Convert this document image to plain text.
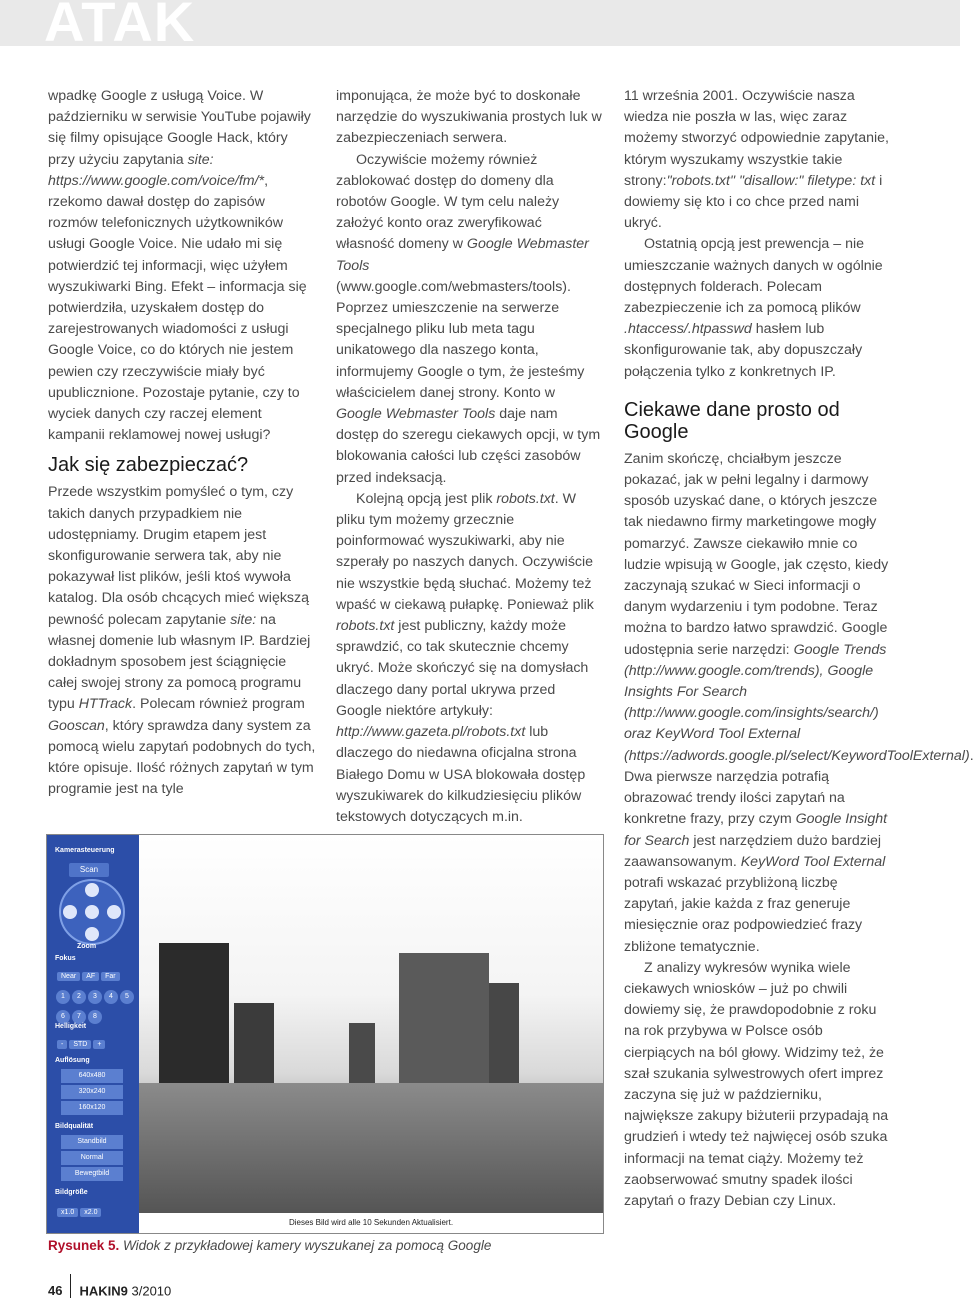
ATAK

wpadkę Google z usługą Voice. W październiku w serwisie YouTube pojawiły się filmy opisujące Google Hack, który przy użyciu zapytania site: https://www.google.com/voice/fm/*, rzekomo dawał dostęp do zapisów rozmów telefonicznych użytkowników usługi Google Voice. Nie udało mi się potwierdzić tej informacji, więc użyłem wyszukiwarki Bing. Efekt – informacja się potwierdziła, uzyskałem dostęp do zarejestrowanych wiadomości z usługi Google Voice, co do których nie jestem pewien czy rzeczywiście miały być upublicznione. Pozostaje pytanie, czy to wyciek danych czy raczej element kampanii reklamowej nowej usługi?

Jak się zabezpieczać?

Przede wszystkim pomyśleć o tym, czy takich danych przypadkiem nie udostępniamy. Drugim etapem jest skonfigurowanie serwera tak, aby nie pokazywał list plików, jeśli ktoś wywoła katalog. Dla osób chcących mieć większą pewność polecam zapytanie site: na własnej domenie lub własnym IP. Bardziej dokładnym sposobem jest ściągnięcie całej swojej strony za pomocą programu typu HTTrack. Polecam również program Gooscan, który sprawdza dany system za pomocą wielu zapytań podobnych do tych, które opisuje. Ilość różnych zapytań w tym programie jest na tyle

imponująca, że może być to doskonałe narzędzie do wyszukiwania prostych luk w zabezpieczeniach serwera.

Oczywiście możemy również zablokować dostęp do domeny dla robotów Google. W tym celu należy założyć konto oraz zweryfikować własność domeny w Google Webmaster Tools (www.google.com/webmasters/tools). Poprzez umieszczenie na serwerze specjalnego pliku lub meta tagu unikatowego dla naszego konta, informujemy Google o tym, że jesteśmy właścicielem danej strony. Konto w Google Webmaster Tools daje nam dostęp do szeregu ciekawych opcji, w tym blokowania całości lub części zasobów przed indeksacją.

Kolejną opcją jest plik robots.txt. W pliku tym możemy grzecznie poinformować wyszukiwarki, aby nie szperały po naszych danych. Oczywiście nie wszystkie będą słuchać. Możemy też wpaść w ciekawą pułapkę. Ponieważ plik robots.txt jest publiczny, każdy może sprawdzić, co tak skutecznie chcemy ukryć. Może skończyć się na domysłach dlaczego dany portal ukrywa przed Google niektóre artykuły: http://www.gazeta.pl/robots.txt lub dlaczego do niedawna oficjalna strona Białego Domu w USA blokowała dostęp wyszukiwarek do kilkudziesięciu plików tekstowych dotyczących m.in.

11 września 2001. Oczywiście nasza wiedza nie poszła w las, więc zaraz możemy stworzyć odpowiednie zapytanie, którym wyszukamy wszystkie takie strony:"robots.txt" "disallow:" filetype: txt i dowiemy się kto i co chce przed nami ukryć.

Ostatnią opcją jest prewencja – nie umieszczanie ważnych danych w ogólnie dostępnych folderach. Polecam zabezpieczenie ich za pomocą plików .htaccess/.htpasswd hasłem lub skonfigurowanie tak, aby dopuszczały połączenia tylko z konkretnych IP.

Ciekawe dane prosto od Google

Zanim skończę, chciałbym jeszcze pokazać, jak w pełni legalny i darmowy sposób uzyskać dane, o których jeszcze tak niedawno firmy marketingowe mogły pomarzyć. Zawsze ciekawiło mnie co ludzie wpisują w Google, jak często, kiedy zaczynają szukać w Sieci informacji o danym wydarzeniu i tym podobne. Teraz można to bardzo łatwo sprawdzić. Google udostępnia serie narzędzi: Google Trends (http://www.google.com/trends), Google Insights For Search (http://www.google.com/insights/search/) oraz KeyWord Tool External (https://adwords.google.pl/select/KeywordToolExternal). Dwa pierwsze narzędzia potrafią obrazować trendy ilości zapytań na konkretne frazy, przy czym Google Insight for Search jest narzędziem dużo bardziej zaawansowanym. KeyWord Tool External potrafi wskazać przybliżoną liczbę zapytań, jakie każda z fraz generuje miesięcznie oraz podpowiedzieć frazy zbliżone tematycznie.

Z analizy wykresów wynika wiele ciekawych wniosków – już po chwili dowiemy się, że prawdopodobnie z roku na rok przybywa w Polsce osób cierpiących na ból głowy. Widzimy też, że szał szukania sylwestrowych ofert imprez zaczyna się już w październiku, największe zakupy biżuterii przypadają na grudzień i wtedy też najwięcej osób szuka informacji na temat ciąży. Możemy też zaobserwować smutny spadek ilości zapytań o frazy Debian czy Linux.

Kamerasteuerung
Scan
Zoom
Fokus
Near AF Far
1 2 3 4 56 7 8
Helligkeit
- STD +
Auflösung
640x480
320x240
160x120
Bildqualität
Standbild
Normal
Bewegtbild
Bildgröße
x1.0 x2.0
Dieses Bild wird alle 10 Sekunden Aktualisiert.
Rysunek 5. Widok z przykładowej kamery wyszukanej za pomocą Google
46 HAKIN9 3/2010
